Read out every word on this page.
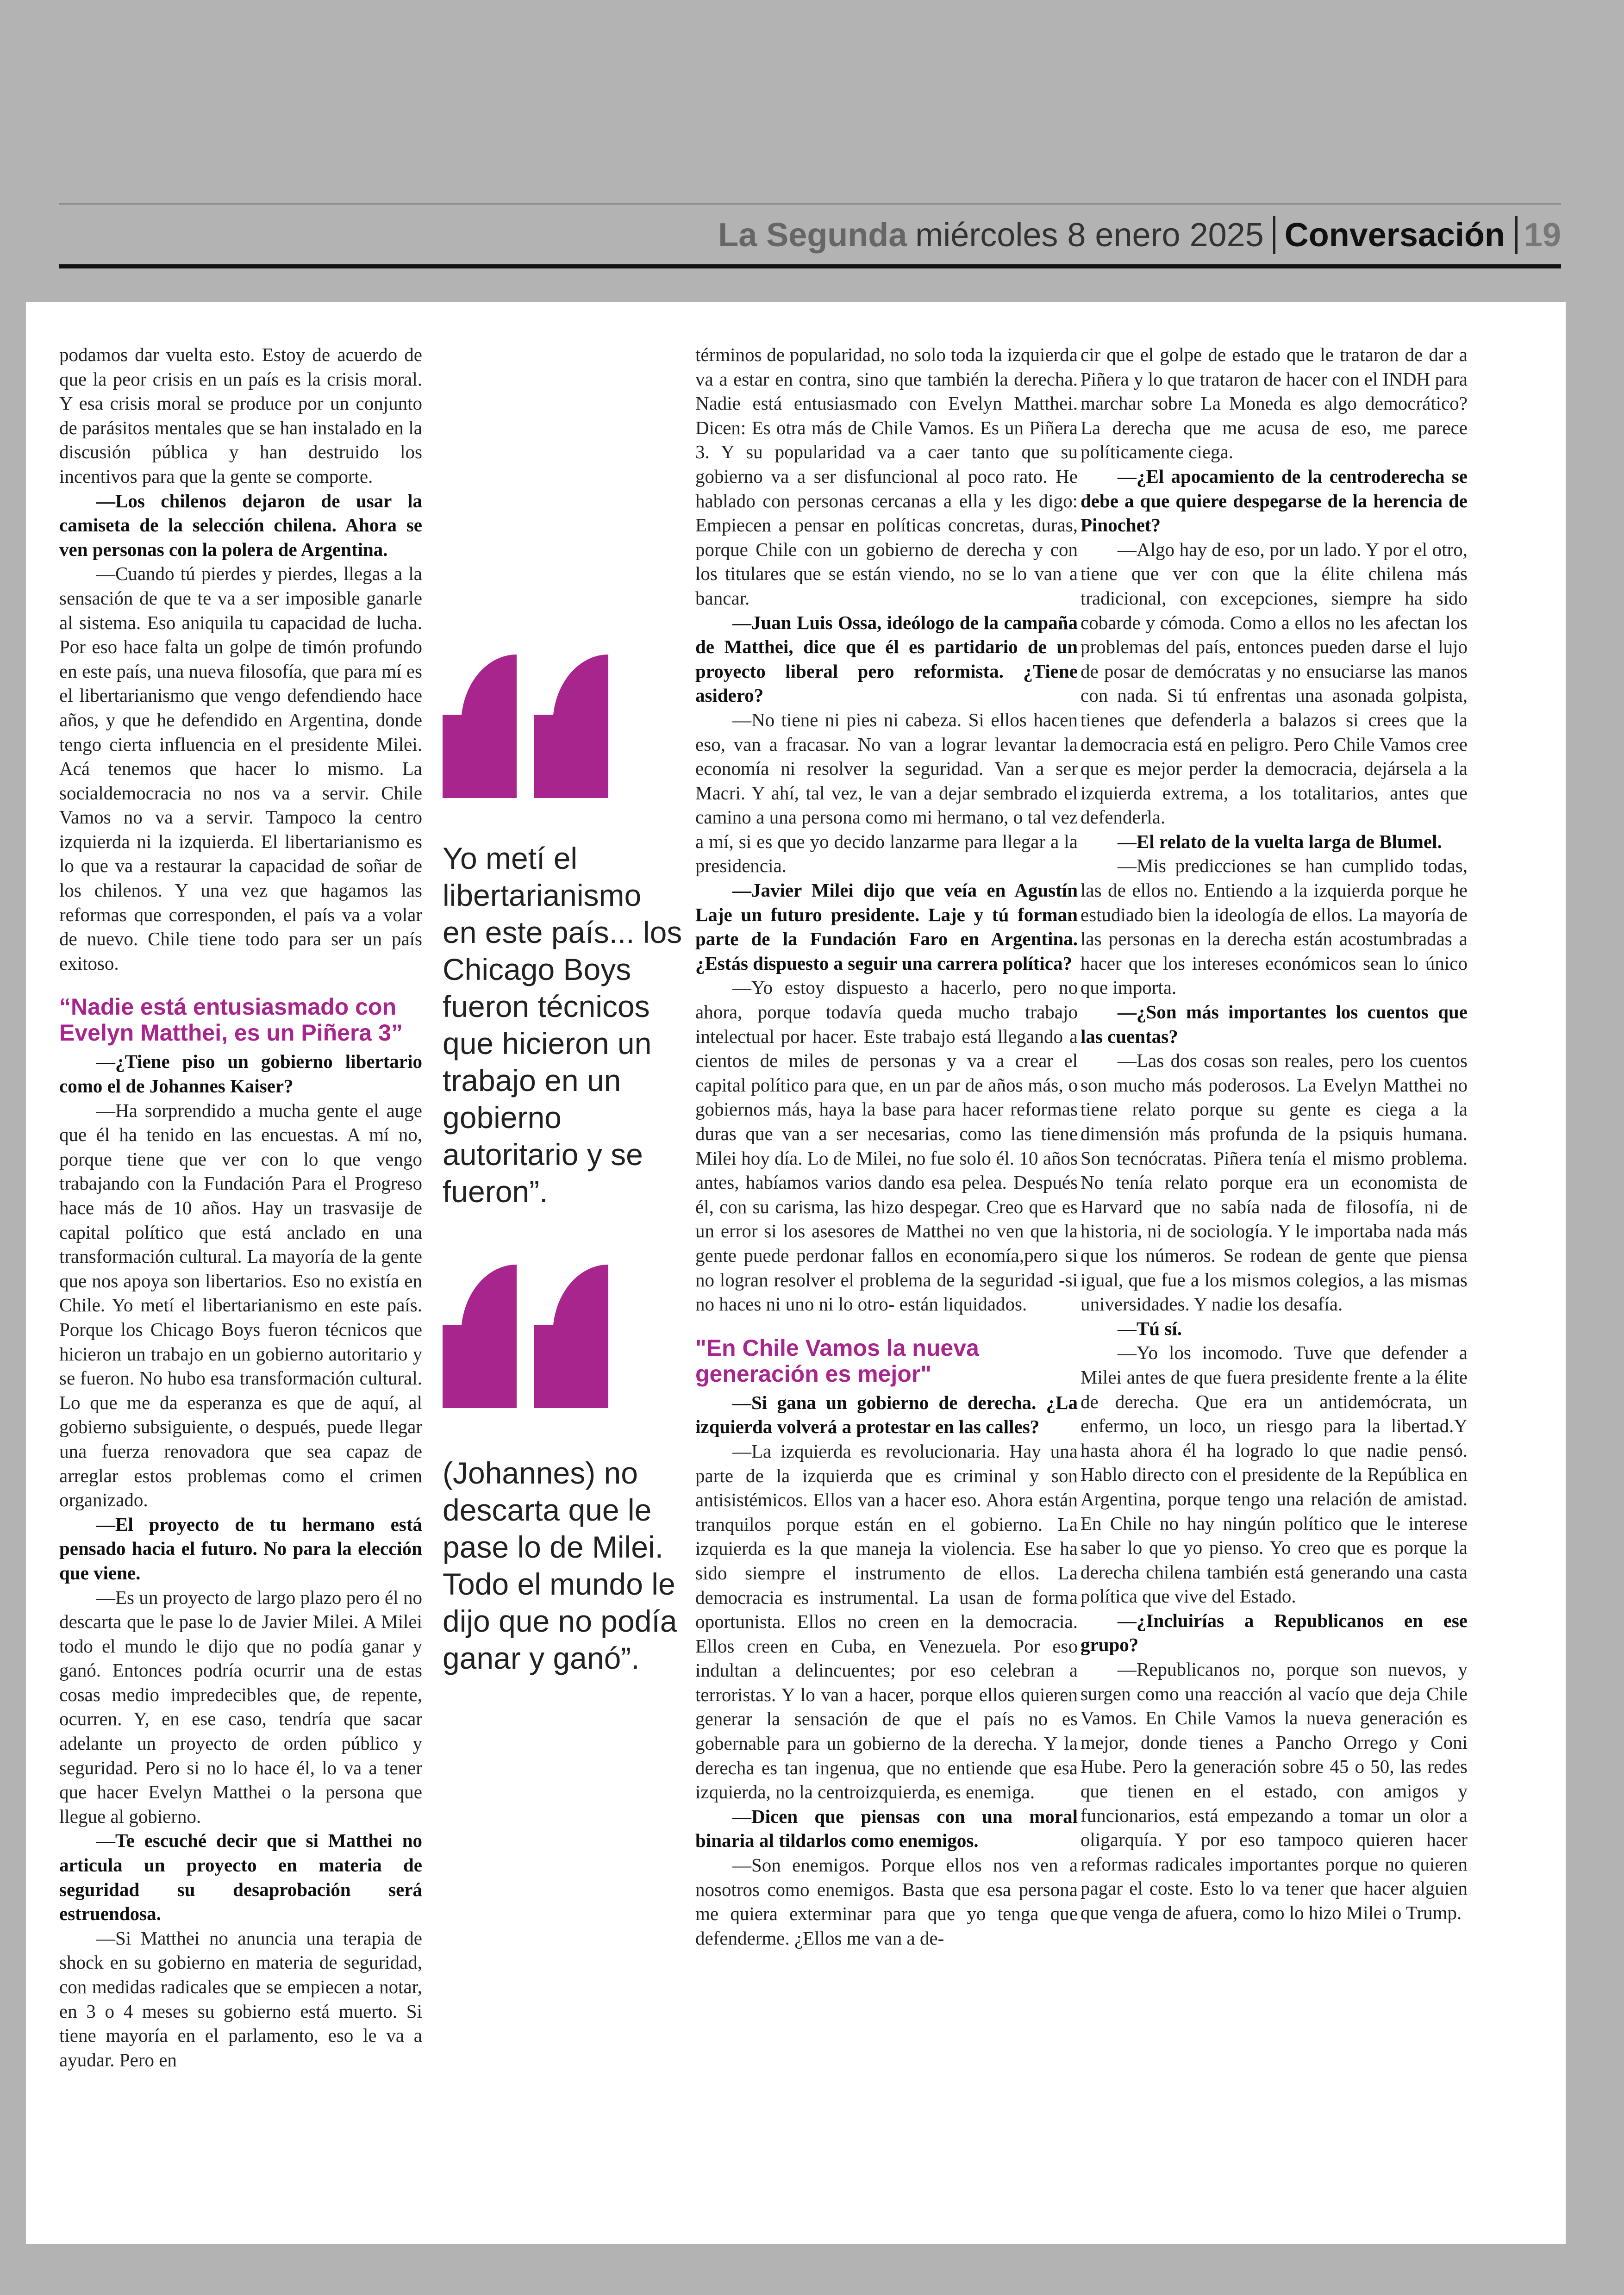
La Segunda miércoles 8 enero 2025 Conversación 19

podamos dar vuelta esto. Estoy de acuerdo de que la peor crisis en un país es la crisis moral. Y esa crisis moral se produce por un conjunto de parásitos mentales que se han instalado en la discusión pública y han destruido los incentivos para que la gente se comporte.

—Los chilenos dejaron de usar la camiseta de la selección chilena. Ahora se ven personas con la polera de Argentina.

—Cuando tú pierdes y pierdes, llegas a la sensación de que te va a ser imposible ganarle al sistema. Eso aniquila tu capacidad de lucha. Por eso hace falta un golpe de timón profundo en este país, una nueva filosofía, que para mí es el libertarianismo que vengo defendiendo hace años, y que he defendido en Argentina, donde tengo cierta influencia en el presidente Milei. Acá tenemos que hacer lo mismo. La socialdemocracia no nos va a servir. Chile Vamos no va a servir. Tampoco la centro izquierda ni la izquierda. El libertarianismo es lo que va a restaurar la capacidad de soñar de los chilenos. Y una vez que hagamos las reformas que corresponden, el país va a volar de nuevo. Chile tiene todo para ser un país exitoso.

“Nadie está entusiasmado con Evelyn Matthei, es un Piñera 3”

—¿Tiene piso un gobierno libertario como el de Johannes Kaiser?

—Ha sorprendido a mucha gente el auge que él ha tenido en las encuestas. A mí no, porque tiene que ver con lo que vengo trabajando con la Fundación Para el Progreso hace más de 10 años. Hay un trasvasije de capital político que está anclado en una transformación cultural. La mayoría de la gente que nos apoya son libertarios. Eso no existía en Chile. Yo metí el libertarianismo en este país. Porque los Chicago Boys fueron técnicos que hicieron un trabajo en un gobierno autoritario y se fueron. No hubo esa transformación cultural. Lo que me da esperanza es que de aquí, al gobierno subsiguiente, o después, puede llegar una fuerza renovadora que sea capaz de arreglar estos problemas como el crimen organizado.

—El proyecto de tu hermano está pensado hacia el futuro. No para la elección que viene.

—Es un proyecto de largo plazo pero él no descarta que le pase lo de Javier Milei. A Milei todo el mundo le dijo que no podía ganar y ganó. Entonces podría ocurrir una de estas cosas medio impredecibles que, de repente, ocurren. Y, en ese caso, tendría que sacar adelante un proyecto de orden público y seguridad. Pero si no lo hace él, lo va a tener que hacer Evelyn Matthei o la persona que llegue al gobierno.

—Te escuché decir que si Matthei no articula un proyecto en materia de seguridad su desaprobación será estruendosa.

—Si Matthei no anuncia una terapia de shock en su gobierno en materia de seguridad, con medidas radicales que se empiecen a notar, en 3 o 4 meses su gobierno está muerto. Si tiene mayoría en el parlamento, eso le va a ayudar. Pero en

Yo metí el libertarianismo en este país... los Chicago Boys fueron técnicos que hicieron un trabajo en un gobierno autoritario y se fueron”.
(Johannes) no descarta que le pase lo de Milei. Todo el mundo le dijo que no podía ganar y ganó”.

términos de popularidad, no solo toda la izquierda va a estar en contra, sino que también la derecha. Nadie está entusiasmado con Evelyn Matthei. Dicen: Es otra más de Chile Vamos. Es un Piñera 3. Y su popularidad va a caer tanto que su gobierno va a ser disfuncional al poco rato. He hablado con personas cercanas a ella y les digo: Empiecen a pensar en políticas concretas, duras, porque Chile con un gobierno de derecha y con los titulares que se están viendo, no se lo van a bancar.

—Juan Luis Ossa, ideólogo de la campaña de Matthei, dice que él es partidario de un proyecto liberal pero reformista. ¿Tiene asidero?

—No tiene ni pies ni cabeza. Si ellos hacen eso, van a fracasar. No van a lograr levantar la economía ni resolver la seguridad. Van a ser Macri. Y ahí, tal vez, le van a dejar sembrado el camino a una persona como mi hermano, o tal vez a mí, si es que yo decido lanzarme para llegar a la presidencia.

—Javier Milei dijo que veía en Agustín Laje un futuro presidente. Laje y tú forman parte de la Fundación Faro en Argentina. ¿Estás dispuesto a seguir una carrera política?

—Yo estoy dispuesto a hacerlo, pero no ahora, porque todavía queda mucho trabajo intelectual por hacer. Este trabajo está llegando a cientos de miles de personas y va a crear el capital político para que, en un par de años más, o gobiernos más, haya la base para hacer reformas duras que van a ser necesarias, como las tiene Milei hoy día. Lo de Milei, no fue solo él. 10 años antes, habíamos varios dando esa pelea. Después él, con su carisma, las hizo despegar. Creo que es un error si los asesores de Matthei no ven que la gente puede perdonar fallos en economía,pero si no logran resolver el problema de la seguridad -si no haces ni uno ni lo otro- están liquidados.

"En Chile Vamos la nueva generación es mejor"

—Si gana un gobierno de derecha. ¿La izquierda volverá a protestar en las calles?

—La izquierda es revolucionaria. Hay una parte de la izquierda que es criminal y son antisistémicos. Ellos van a hacer eso. Ahora están tranquilos porque están en el gobierno. La izquierda es la que maneja la violencia. Ese ha sido siempre el instrumento de ellos. La democracia es instrumental. La usan de forma oportunista. Ellos no creen en la democracia. Ellos creen en Cuba, en Venezuela. Por eso indultan a delincuentes; por eso celebran a terroristas. Y lo van a hacer, porque ellos quieren generar la sensación de que el país no es gobernable para un gobierno de la derecha. Y la derecha es tan ingenua, que no entiende que esa izquierda, no la centroizquierda, es enemiga.

—Dicen que piensas con una moral binaria al tildarlos como enemigos.

—Son enemigos. Porque ellos nos ven a nosotros como enemigos. Basta que esa persona me quiera exterminar para que yo tenga que defenderme. ¿Ellos me van a de-

cir que el golpe de estado que le trataron de dar a Piñera y lo que trataron de hacer con el INDH para marchar sobre La Moneda es algo democrático? La derecha que me acusa de eso, me parece políticamente ciega.

—¿El apocamiento de la centroderecha se debe a que quiere despegarse de la herencia de Pinochet?

—Algo hay de eso, por un lado. Y por el otro, tiene que ver con que la élite chilena más tradicional, con excepciones, siempre ha sido cobarde y cómoda. Como a ellos no les afectan los problemas del país, entonces pueden darse el lujo de posar de demócratas y no ensuciarse las manos con nada. Si tú enfrentas una asonada golpista, tienes que defenderla a balazos si crees que la democracia está en peligro. Pero Chile Vamos cree que es mejor perder la democracia, dejársela a la izquierda extrema, a los totalitarios, antes que defenderla.

—El relato de la vuelta larga de Blumel.

—Mis predicciones se han cumplido todas, las de ellos no. Entiendo a la izquierda porque he estudiado bien la ideología de ellos. La mayoría de las personas en la derecha están acostumbradas a hacer que los intereses económicos sean lo único que importa.

—¿Son más importantes los cuentos que las cuentas?

—Las dos cosas son reales, pero los cuentos son mucho más poderosos. La Evelyn Matthei no tiene relato porque su gente es ciega a la dimensión más profunda de la psiquis humana. Son tecnócratas. Piñera tenía el mismo problema. No tenía relato porque era un economista de Harvard que no sabía nada de filosofía, ni de historia, ni de sociología. Y le importaba nada más que los números. Se rodean de gente que piensa igual, que fue a los mismos colegios, a las mismas universidades. Y nadie los desafía.

—Tú sí.

—Yo los incomodo. Tuve que defender a Milei antes de que fuera presidente frente a la élite de derecha. Que era un antidemócrata, un enfermo, un loco, un riesgo para la libertad.Y hasta ahora él ha logrado lo que nadie pensó. Hablo directo con el presidente de la República en Argentina, porque tengo una relación de amistad. En Chile no hay ningún político que le interese saber lo que yo pienso. Yo creo que es porque la derecha chilena también está generando una casta política que vive del Estado.

—¿Incluirías a Republicanos en ese grupo?

—Republicanos no, porque son nuevos, y surgen como una reacción al vacío que deja Chile Vamos. En Chile Vamos la nueva generación es mejor, donde tienes a Pancho Orrego y Coni Hube. Pero la generación sobre 45 o 50, las redes que tienen en el estado, con amigos y funcionarios, está empezando a tomar un olor a oligarquía. Y por eso tampoco quieren hacer reformas radicales importantes porque no quieren pagar el coste. Esto lo va tener que hacer alguien que venga de afuera, como lo hizo Milei o Trump.
